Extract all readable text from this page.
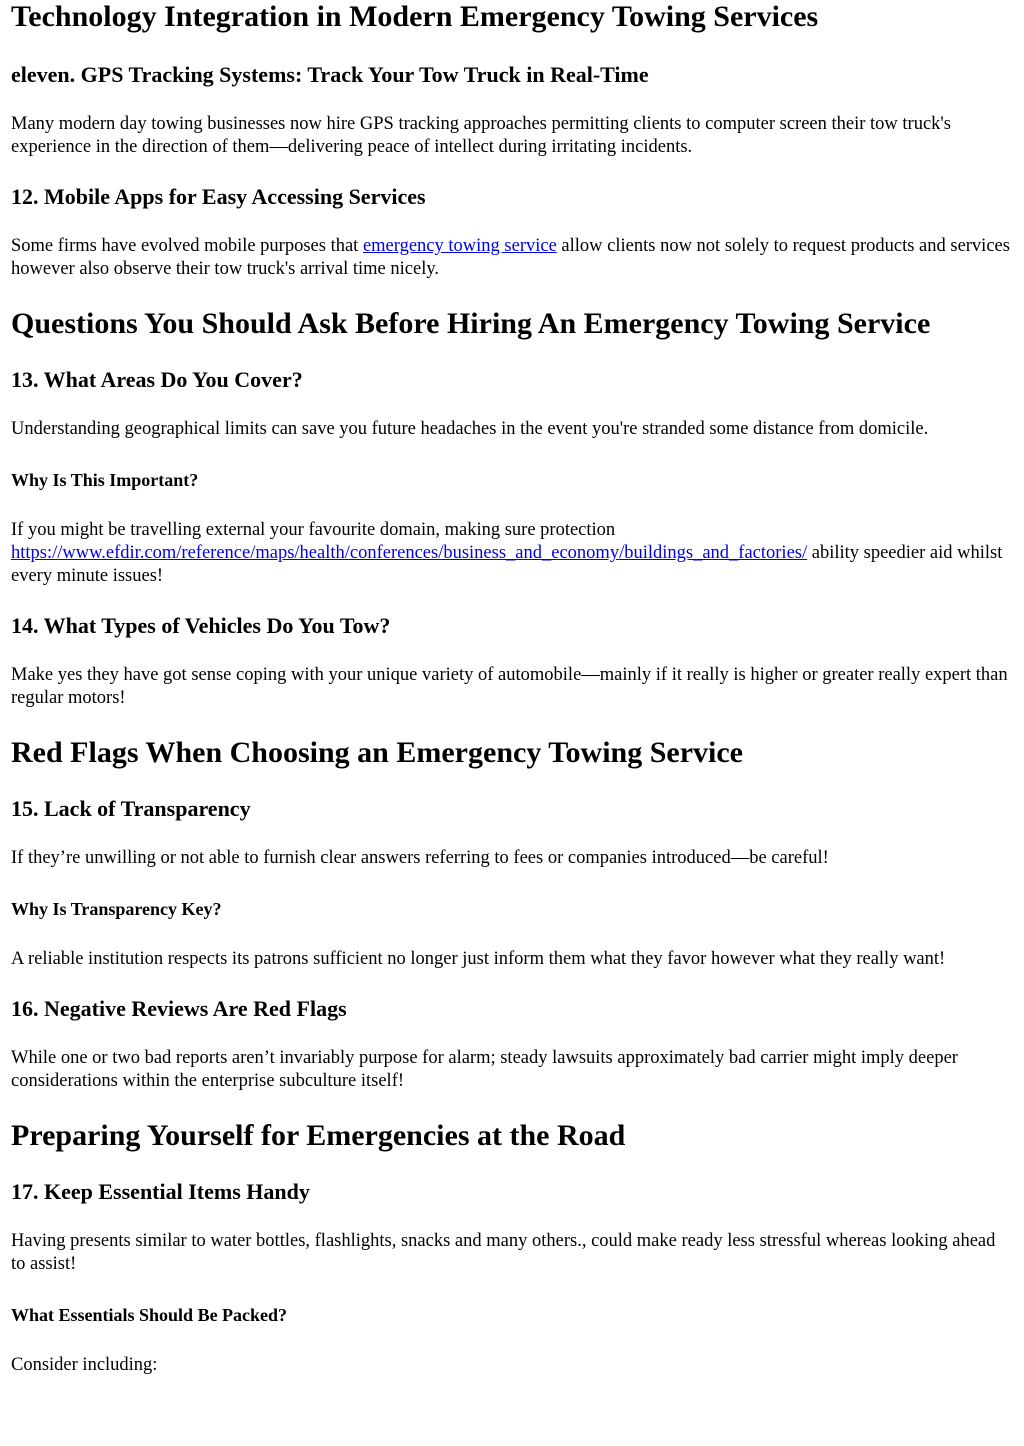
Technology Integration in Modern Emergency Towing Services
eleven. GPS Tracking Systems: Track Your Tow Truck in Real-Time

Many modern day towing businesses now hire GPS tracking approaches permitting clients to computer screen their tow truck's experience in the direction of them—delivering peace of intellect during irritating incidents.

12. Mobile Apps for Easy Accessing Services

Some firms have evolved mobile purposes that emergency towing service allow clients now not solely to request products and services however also observe their tow truck's arrival time nicely.

Questions You Should Ask Before Hiring An Emergency Towing Service
13. What Areas Do You Cover?

Understanding geographical limits can save you future headaches in the event you're stranded some distance from domicile.

Why Is This Important?

If you might be travelling external your favourite domain, making sure protection https://www.efdir.com/reference/maps/health/conferences/business_and_economy/buildings_and_factories/ ability speedier aid whilst every minute issues!

14. What Types of Vehicles Do You Tow?

Make yes they have got sense coping with your unique variety of automobile—mainly if it really is higher or greater really expert than regular motors!

Red Flags When Choosing an Emergency Towing Service
15. Lack of Transparency

If they’re unwilling or not able to furnish clear answers referring to fees or companies introduced—be careful!

Why Is Transparency Key?

A reliable institution respects its patrons sufficient no longer just inform them what they favor however what they really want!

16. Negative Reviews Are Red Flags

While one or two bad reports aren’t invariably purpose for alarm; steady lawsuits approximately bad carrier might imply deeper considerations within the enterprise subculture itself!

Preparing Yourself for Emergencies at the Road
17. Keep Essential Items Handy

Having presents similar to water bottles, flashlights, snacks and many others., could make ready less stressful whereas looking ahead to assist!

What Essentials Should Be Packed?

Consider including:
